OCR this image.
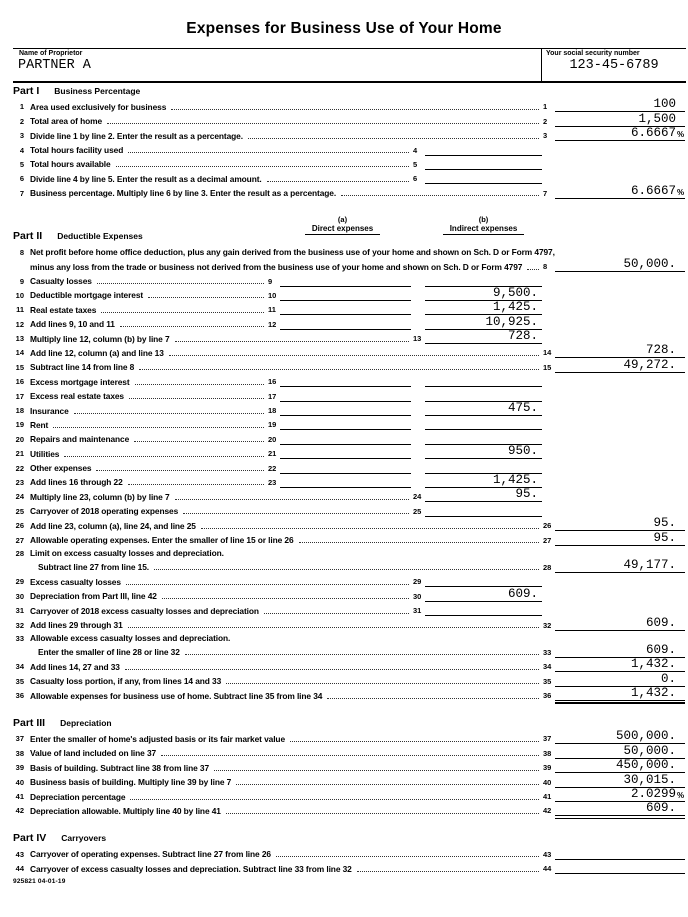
Expenses for Business Use of Your Home
Name of Proprietor
PARTNER A
Your social security number
123-45-6789
Part I Business Percentage
1 Area used exclusively for business	1	100
2 Total area of home	2	1,500
3 Divide line 1 by line 2. Enter the result as a percentage.	3	6.6667 %
4 Total hours facility used	4
5 Total hours available	5
6 Divide line 4 by line 5. Enter the result as a decimal amount.	6
7 Business percentage. Multiply line 6 by line 3. Enter the result as a percentage.	7	6.6667 %
Part II Deductible Expenses
(a)
Direct expenses
(b)
Indirect expenses
8 Net profit before home office deduction, plus any gain derived from the business use of your home and shown on Sch. D or Form 4797,
minus any loss from the trade or business not derived from the business use of your home and shown on Sch. D or Form 4797	8	50,000.
9 Casualty losses	9
10 Deductible mortgage interest	10	9,500.
11 Real estate taxes	11	1,425.
12 Add lines 9, 10 and 11	12	10,925.
13 Multiply line 12, column (b) by line 7	13	728.
14 Add line 12, column (a) and line 13	14	728.
15 Subtract line 14 from line 8	15	49,272.
16 Excess mortgage interest	16
17 Excess real estate taxes	17
18 Insurance	18	475.
19 Rent	19
20 Repairs and maintenance	20
21 Utilities	21	950.
22 Other expenses	22
23 Add lines 16 through 22	23	1,425.
24 Multiply line 23, column (b) by line 7	24	95.
25 Carryover of 2018 operating expenses	25
26 Add line 23, column (a), line 24, and line 25	26	95.
27 Allowable operating expenses. Enter the smaller of line 15 or line 26	27	95.
28 Limit on excess casualty losses and depreciation.
Subtract line 27 from line 15.	28	49,177.
29 Excess casualty losses	29
30 Depreciation from Part III, line 42	30	609.
31 Carryover of 2018 excess casualty losses and depreciation	31
32 Add lines 29 through 31	32	609.
33 Allowable excess casualty losses and depreciation.
Enter the smaller of line 28 or line 32	33	609.
34 Add lines 14, 27 and 33	34	1,432.
35 Casualty loss portion, if any, from lines 14 and 33	35	0.
36 Allowable expenses for business use of home. Subtract line 35 from line 34	36	1,432.
Part III Depreciation
37 Enter the smaller of home's adjusted basis or its fair market value	37	500,000.
38 Value of land included on line 37	38	50,000.
39 Basis of building. Subtract line 38 from line 37	39	450,000.
40 Business basis of building. Multiply line 39 by line 7	40	30,015.
41 Depreciation percentage	41	2.0299 %
42 Depreciation allowable. Multiply line 40 by line 41	42	609.
Part IV Carryovers
43 Carryover of operating expenses. Subtract line 27 from line 26	43
44 Carryover of excess casualty losses and depreciation. Subtract line 33 from line 32	44
925821 04-01-19
